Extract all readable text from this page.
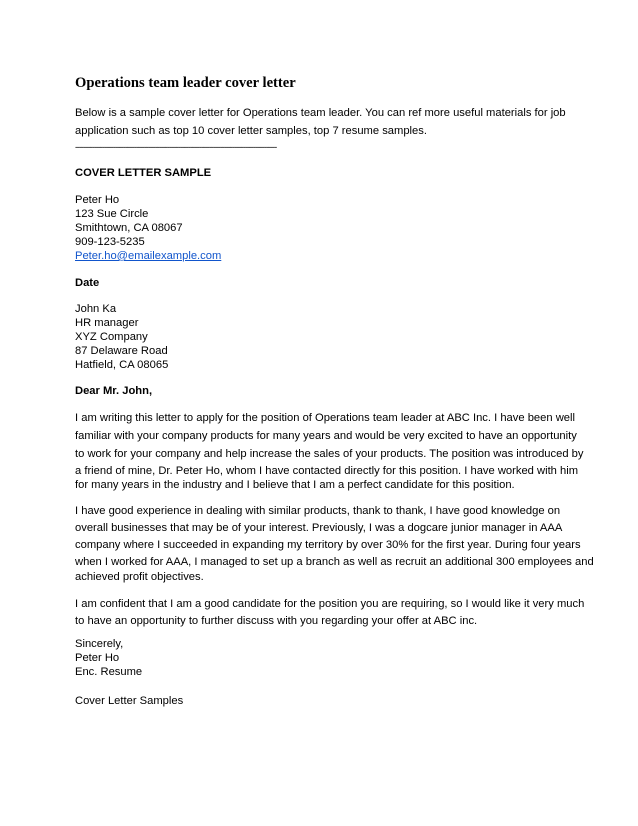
Operations team leader cover letter
Below is a sample cover letter for Operations team leader. You can ref more useful materials for job
application such as top 10 cover letter samples, top 7 resume samples.
------------------------------------------------------------------------------------------------
COVER LETTER SAMPLE
Peter Ho
123 Sue Circle
Smithtown, CA 08067
909-123-5235
Peter.ho@emailexample.com
Date
John Ka
HR manager
XYZ Company
87 Delaware Road
Hatfield, CA 08065
Dear Mr. John,
I am writing this letter to apply for the position of Operations team leader at ABC Inc. I have been well
familiar with your company products for many years and would be very excited to have an opportunity
to work for your company and help increase the sales of your products. The position was introduced by
a friend of mine, Dr. Peter Ho, whom I have contacted directly for this position. I have worked with him
for many years in the industry and I believe that I am a perfect candidate for this position.
I have good experience in dealing with similar products, thank to thank, I have good knowledge on
overall businesses that may be of your interest. Previously, I was a dogcare junior manager in AAA
company where I succeeded in expanding my territory by over 30% for the first year. During four years
when I worked for AAA, I managed to set up a branch as well as recruit an additional 300 employees and
achieved profit objectives.
I am confident that I am a good candidate for the position you are requiring, so I would like it very much
to have an opportunity to further discuss with you regarding your offer at ABC inc.
Sincerely,
Peter Ho
Enc. Resume
Cover Letter Samples
